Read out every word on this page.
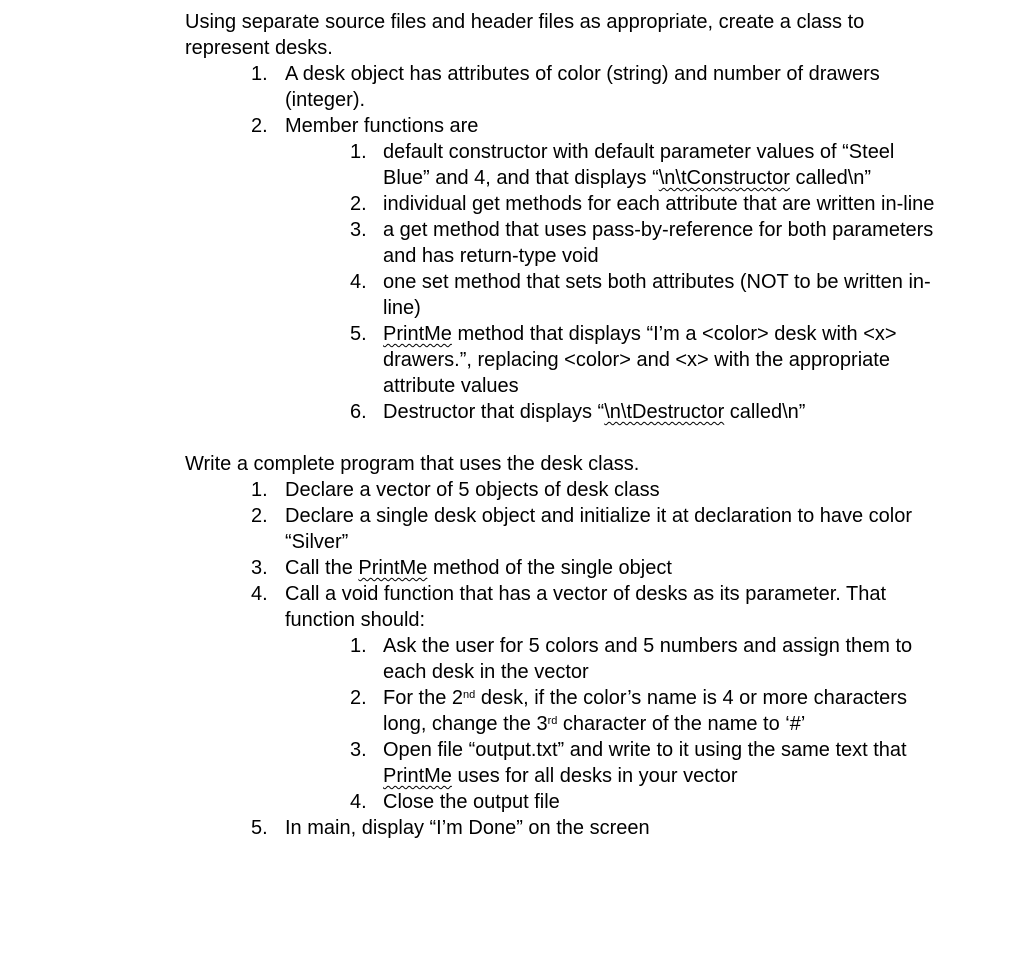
Using separate source files and header files as appropriate, create a class to represent desks.
1. A desk object has attributes of color (string) and number of drawers (integer).
2. Member functions are
1. default constructor with default parameter values of “Steel Blue” and 4, and that displays “\n\tConstructor called\n”
2. individual get methods for each attribute that are written in-line
3. a get method that uses pass-by-reference for both parameters and has return-type void
4. one set method that sets both attributes (NOT to be written in-line)
5. PrintMe method that displays “I’m a <color> desk with <x> drawers.”, replacing <color> and <x> with the appropriate attribute values
6. Destructor that displays “\n\tDestructor called\n”
Write a complete program that uses the desk class.
1. Declare a vector of 5 objects of desk class
2. Declare a single desk object and initialize it at declaration to have color “Silver”
3. Call the PrintMe method of the single object
4. Call a void function that has a vector of desks as its parameter. That function should:
1. Ask the user for 5 colors and 5 numbers and assign them to each desk in the vector
2. For the 2nd desk, if the color’s name is 4 or more characters long, change the 3rd character of the name to ‘#’
3. Open file “output.txt” and write to it using the same text that PrintMe uses for all desks in your vector
4. Close the output file
5. In main, display “I’m Done” on the screen
